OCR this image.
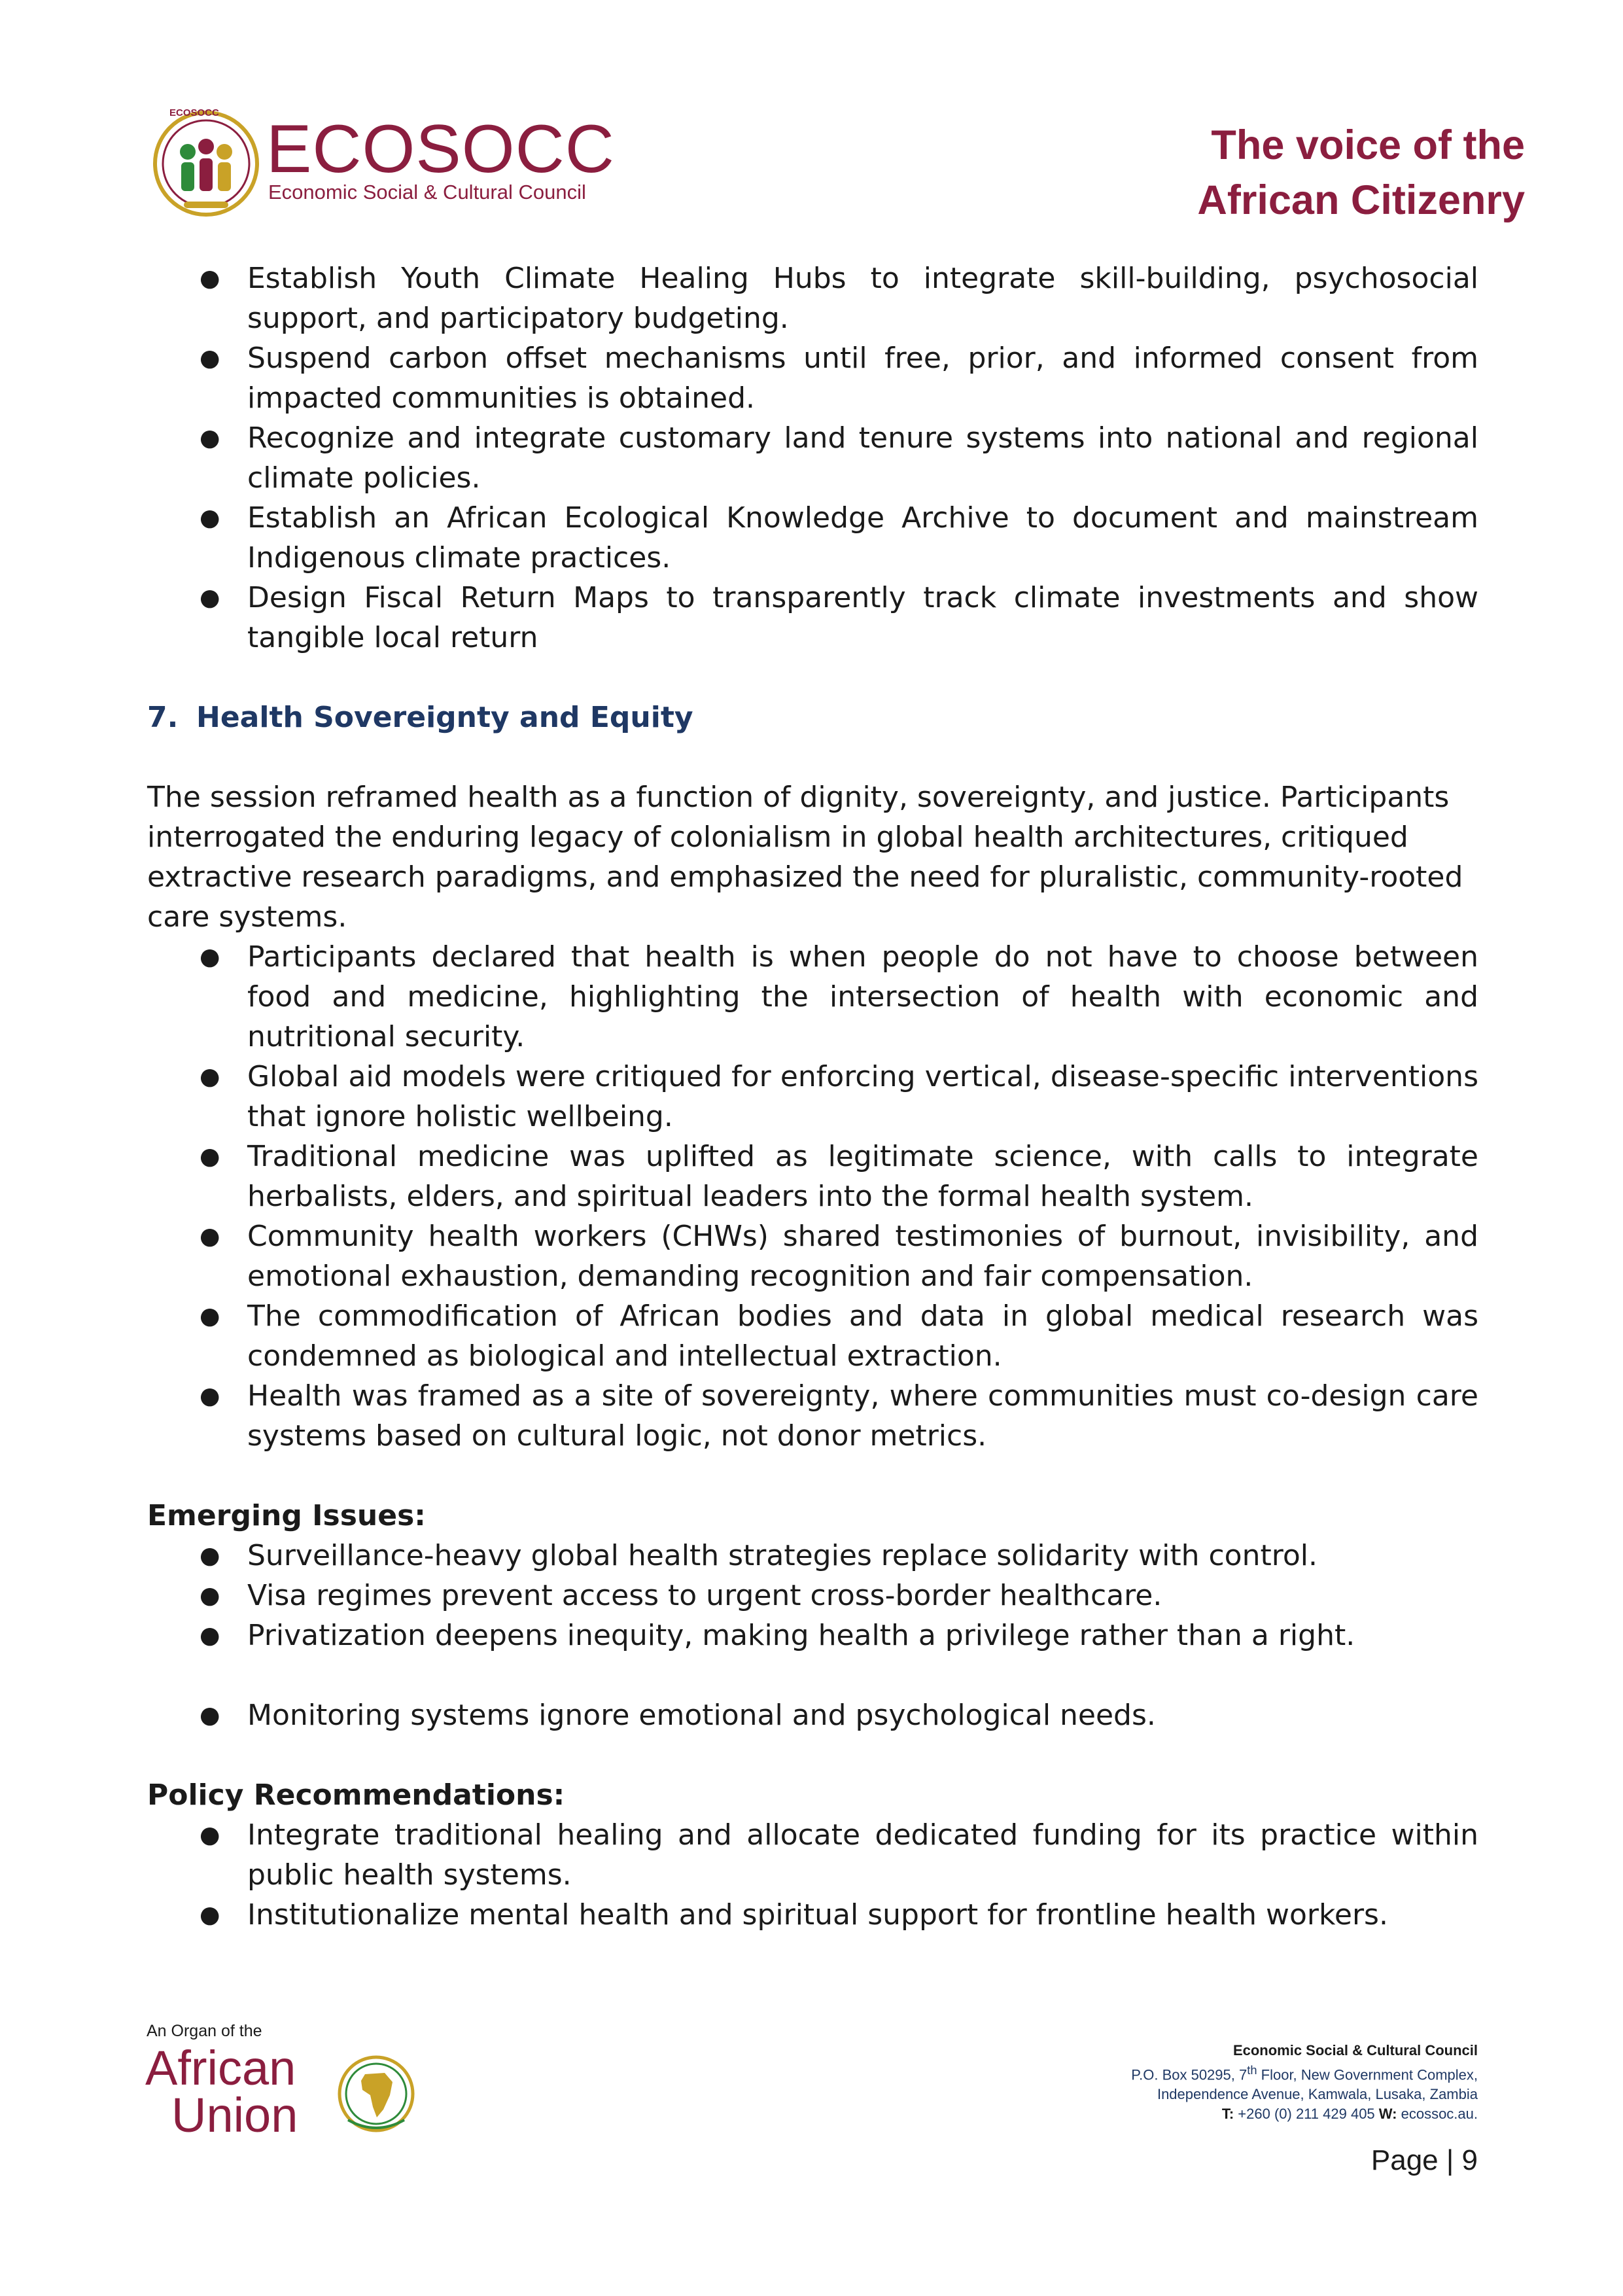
ECOSOCC ECOSOCC
Economic Social & Cultural Council
The voice of the
African Citizenry
● Establish Youth Climate Healing Hubs to integrate skill-building, psychosocial support, and participatory budgeting.
● Suspend carbon offset mechanisms until free, prior, and informed consent from impacted communities is obtained.
● Recognize and integrate customary land tenure systems into national and regional climate policies.
● Establish an African Ecological Knowledge Archive to document and mainstream Indigenous climate practices.
● Design Fiscal Return Maps to transparently track climate investments and show tangible local return
7. Health Sovereignty and Equity
The session reframed health as a function of dignity, sovereignty, and justice. Participants interrogated the enduring legacy of colonialism in global health architectures, critiqued extractive research paradigms, and emphasized the need for pluralistic, community-rooted care systems.
● Participants declared that health is when people do not have to choose between food and medicine, highlighting the intersection of health with economic and nutritional security.
● Global aid models were critiqued for enforcing vertical, disease-specific interventions that ignore holistic wellbeing.
● Traditional medicine was uplifted as legitimate science, with calls to integrate herbalists, elders, and spiritual leaders into the formal health system.
● Community health workers (CHWs) shared testimonies of burnout, invisibility, and emotional exhaustion, demanding recognition and fair compensation.
● The commodification of African bodies and data in global medical research was condemned as biological and intellectual extraction.
● Health was framed as a site of sovereignty, where communities must co-design care systems based on cultural logic, not donor metrics.
Emerging Issues:
● Surveillance-heavy global health strategies replace solidarity with control.
● Visa regimes prevent access to urgent cross-border healthcare.
● Privatization deepens inequity, making health a privilege rather than a right.
● Monitoring systems ignore emotional and psychological needs.
Policy Recommendations:
● Integrate traditional healing and allocate dedicated funding for its practice within public health systems.
● Institutionalize mental health and spiritual support for frontline health workers.
An Organ of the
African
Union
Economic Social & Cultural Council
P.O. Box 50295, 7th Floor, New Government Complex,
Independence Avenue, Kamwala, Lusaka, Zambia
T: +260 (0) 211 429 405 W: ecossoc.au.
Page | 9
